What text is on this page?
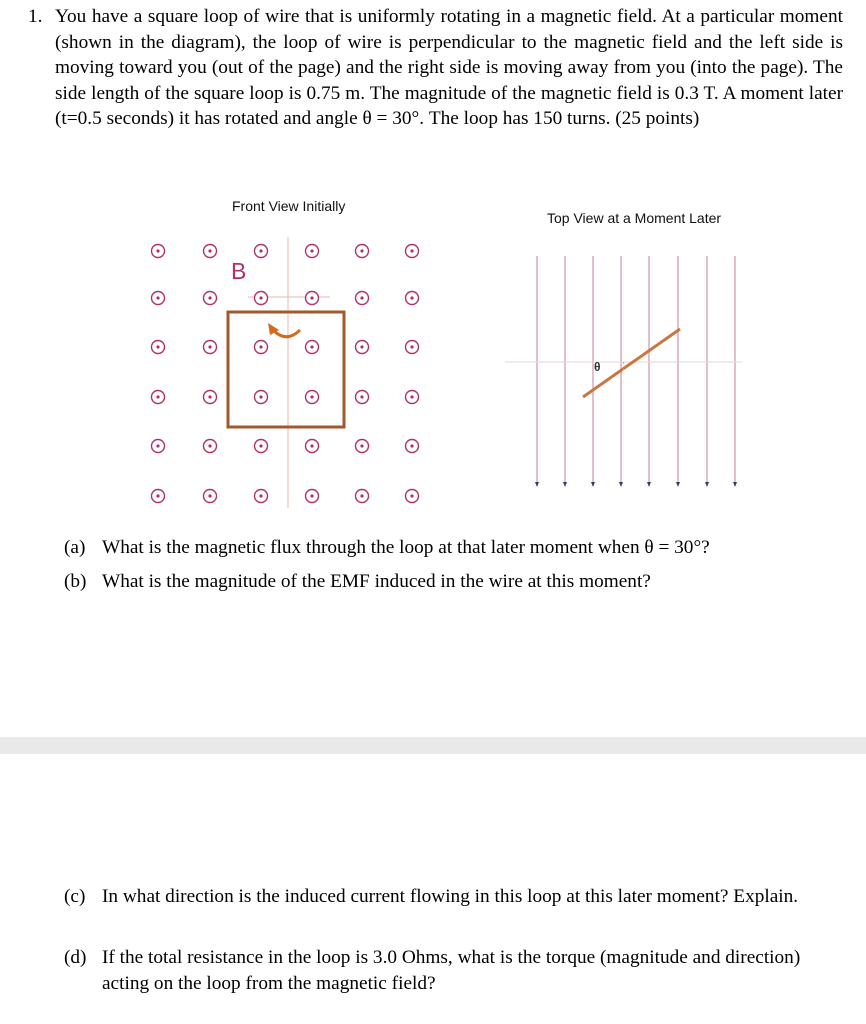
1. You have a square loop of wire that is uniformly rotating in a magnetic field. At a particular moment (shown in the diagram), the loop of wire is perpendicular to the magnetic field and the left side is moving toward you (out of the page) and the right side is moving away from you (into the page). The side length of the square loop is 0.75 m. The magnitude of the magnetic field is 0.3 T. A moment later (t=0.5 seconds) it has rotated and angle θ = 30°. The loop has 150 turns. (25 points)
Front View Initially
Top View at a Moment Later
B
θ
(a) What is the magnetic flux through the loop at that later moment when θ = 30°?
(b) What is the magnitude of the EMF induced in the wire at this moment?
(c) In what direction is the induced current flowing in this loop at this later moment? Explain.
(d) If the total resistance in the loop is 3.0 Ohms, what is the torque (magnitude and direction) acting on the loop from the magnetic field?
